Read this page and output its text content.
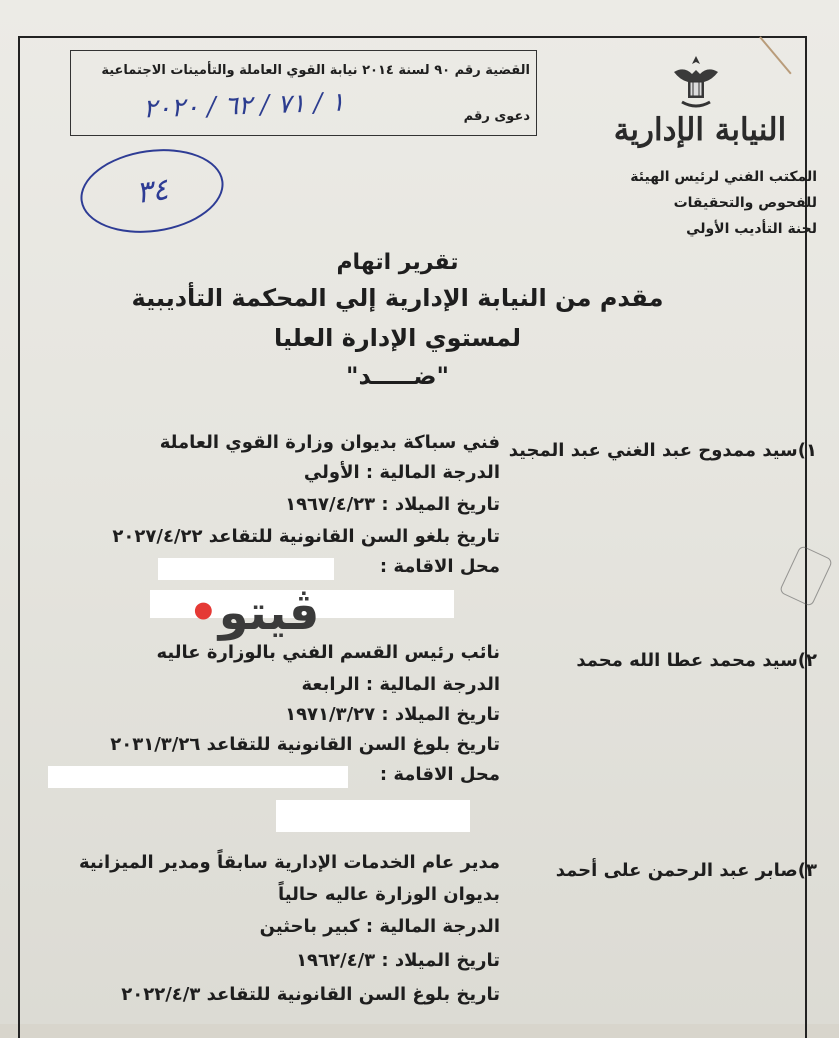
النيابة الإدارية
المكتب الفني لرئيس الهيئة
للفحوص والتحقيقات
لجنة التأديب الأولي
القضية رقم ٩٠ لسنة ٢٠١٤ نيابة القوي العاملة والتأمينات الاجتماعية
دعوى رقم
١ / ٧١ / ٦٢ / ٢٠٢٠
٣٤
تقرير اتهام
مقدم من النيابة الإدارية إلي المحكمة التأديبية
لمستوي الإدارة العليا
"ضـــــد"
١)سيد ممدوح عبد الغني عبد المجيد
فني سباكة بديوان وزارة القوي العاملة
الدرجة المالية : الأولي
تاريخ الميلاد : ١٩٦٧/٤/٢٣
تاريخ بلغو السن القانونية للتقاعد ٢٠٢٧/٤/٢٢
محل الاقامة :
ڤيتو•
٢)سيد محمد عطا الله محمد
نائب رئيس القسم الفني بالوزارة عاليه
الدرجة المالية : الرابعة
تاريخ الميلاد : ١٩٧١/٣/٢٧
تاريخ بلوغ السن القانونية للتقاعد ٢٠٣١/٣/٢٦
محل الاقامة :
٣)صابر عبد الرحمن على أحمد
مدير عام الخدمات الإدارية سابقاً ومدير الميزانية
بديوان الوزارة عاليه حالياً
الدرجة المالية : كبير باحثين
تاريخ الميلاد : ١٩٦٢/٤/٣
تاريخ بلوغ السن القانونية للتقاعد ٢٠٢٢/٤/٣
